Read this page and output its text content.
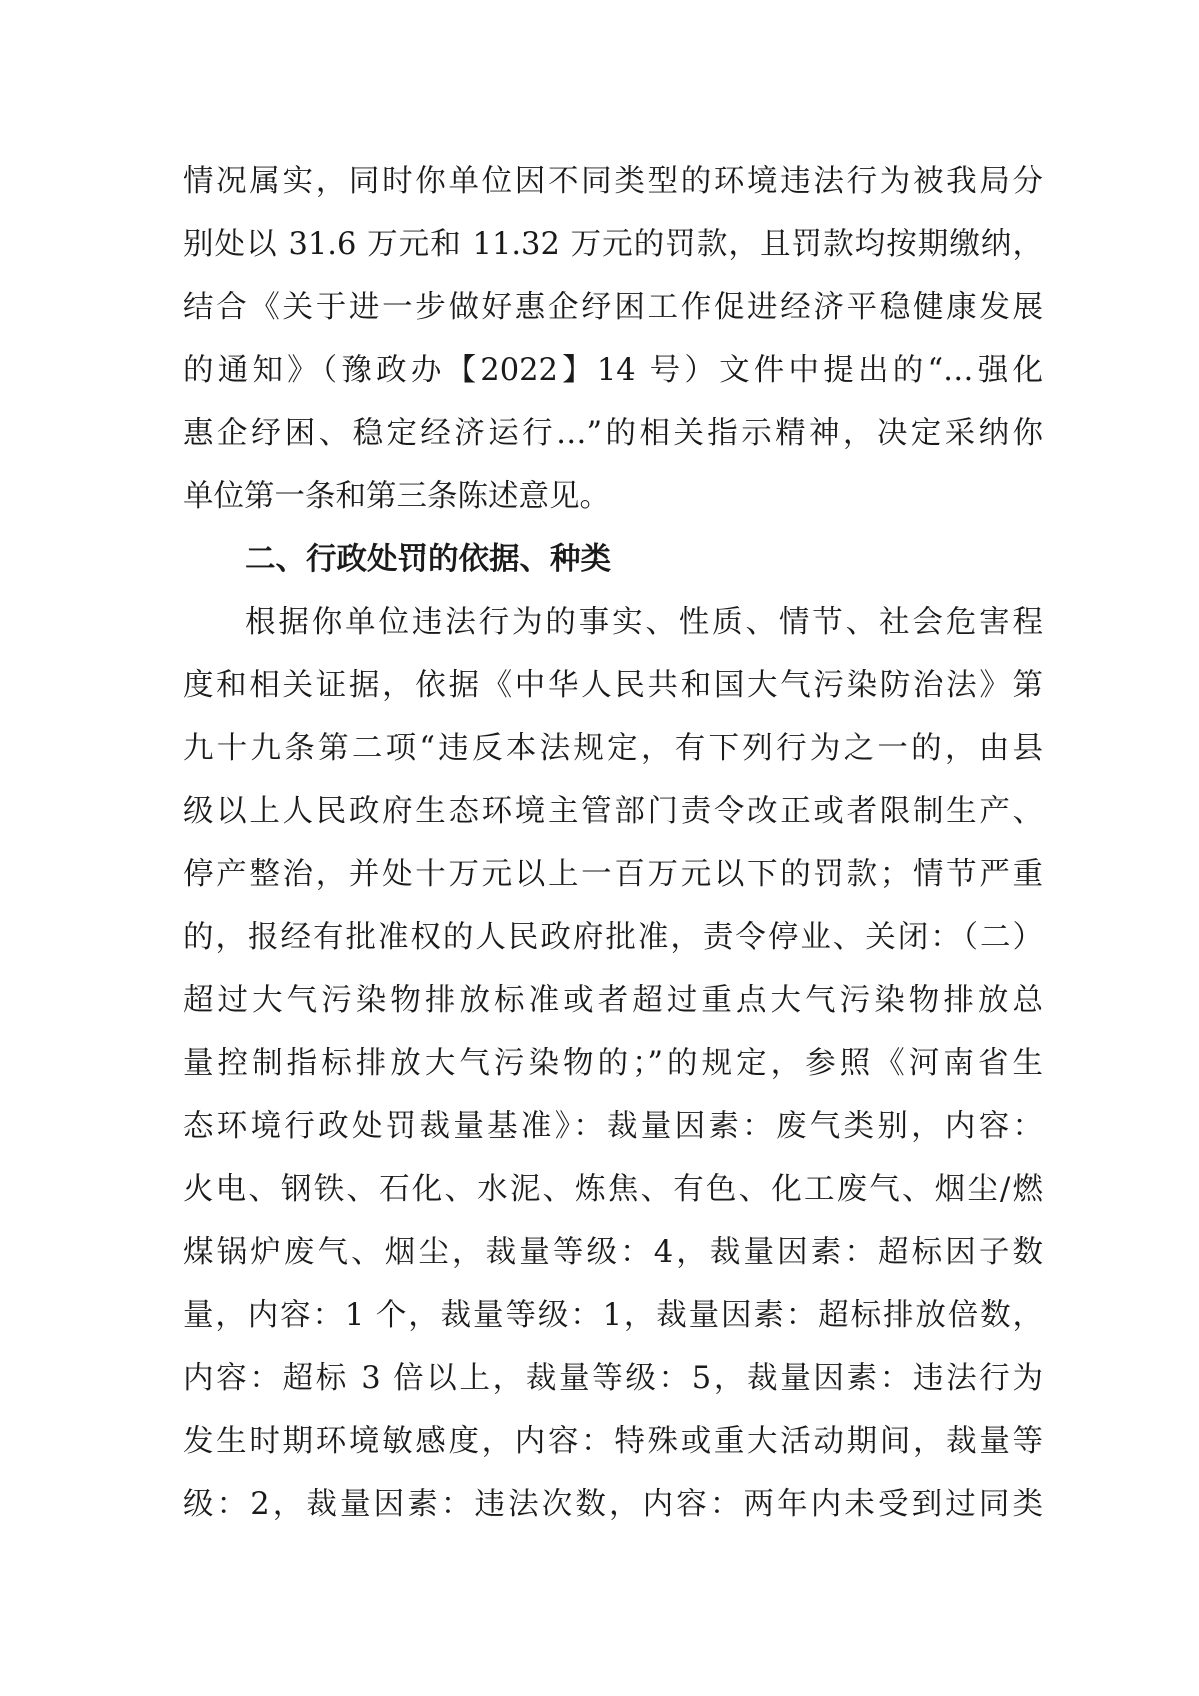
情况属实，同时你单位因不同类型的环境违法行为被我局分
别处以 31.6 万元和 11.32 万元的罚款，且罚款均按期缴纳，
结合《关于进一步做好惠企纾困工作促进经济平稳健康发展
的通知》（豫政办【2022】14 号）文件中提出的“…强化
惠企纾困、稳定经济运行…”的相关指示精神，决定采纳你
单位第一条和第三条陈述意见。
二、行政处罚的依据、种类
根据你单位违法行为的事实、性质、情节、社会危害程
度和相关证据，依据《中华人民共和国大气污染防治法》第
九十九条第二项“违反本法规定，有下列行为之一的，由县
级以上人民政府生态环境主管部门责令改正或者限制生产、
停产整治，并处十万元以上一百万元以下的罚款；情节严重
的，报经有批准权的人民政府批准，责令停业、关闭：（二）
超过大气污染物排放标准或者超过重点大气污染物排放总
量控制指标排放大气污染物的；”的规定，参照《河南省生
态环境行政处罚裁量基准》：裁量因素：废气类别，内容：
火电、钢铁、石化、水泥、炼焦、有色、化工废气、烟尘/燃
煤锅炉废气、烟尘，裁量等级：4，裁量因素：超标因子数
量，内容：1 个，裁量等级：1，裁量因素：超标排放倍数，
内容：超标 3 倍以上，裁量等级：5，裁量因素：违法行为
发生时期环境敏感度，内容：特殊或重大活动期间，裁量等
级：2，裁量因素：违法次数，内容：两年内未受到过同类
